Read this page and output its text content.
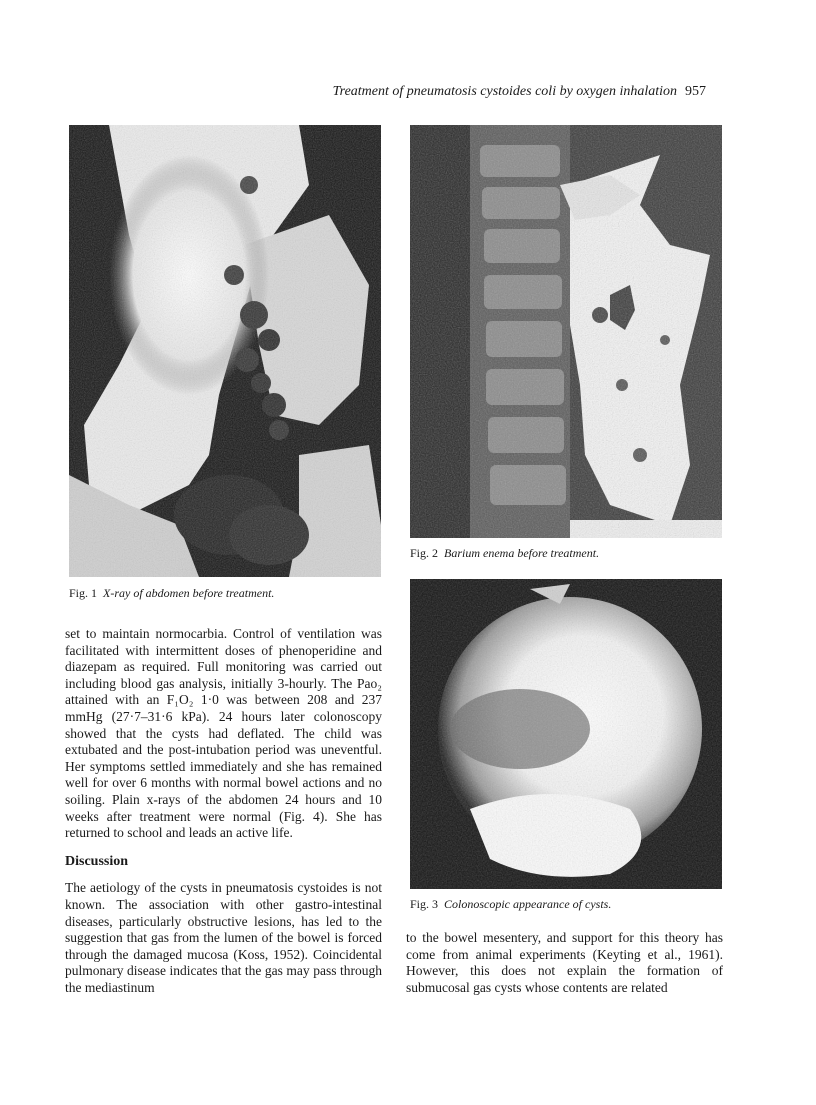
Treatment of pneumatosis cystoides coli by oxygen inhalation 957
Fig. 1 X-ray of abdomen before treatment.
Fig. 2 Barium enema before treatment.
Fig. 3 Colonoscopic appearance of cysts.

set to maintain normocarbia. Control of ventilation was facilitated with intermittent doses of phenoperidine and diazepam as required. Full monitoring was carried out including blood gas analysis, initially 3-hourly. The Pao₂ attained with an F₁O₂ 1·0 was between 208 and 237 mmHg (27·7–31·6 kPa). 24 hours later colonoscopy showed that the cysts had deflated. The child was extubated and the post-intubation period was uneventful. Her symptoms settled immediately and she has remained well for over 6 months with normal bowel actions and no soiling. Plain x-rays of the abdomen 24 hours and 10 weeks after treatment were normal (Fig. 4). She has returned to school and leads an active life.

Discussion

The aetiology of the cysts in pneumatosis cystoides is not known. The association with other gastro-intestinal diseases, particularly obstructive lesions, has led to the suggestion that gas from the lumen of the bowel is forced through the damaged mucosa (Koss, 1952). Coincidental pulmonary disease indicates that the gas may pass through the mediastinum

to the bowel mesentery, and support for this theory has come from animal experiments (Keyting et al., 1961). However, this does not explain the formation of submucosal gas cysts whose contents are related
